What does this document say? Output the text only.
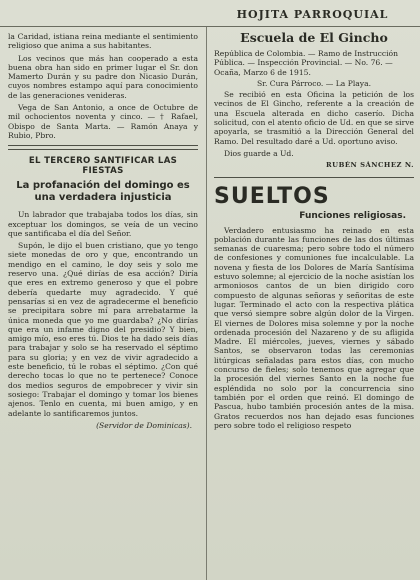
HOJITA PARROQUIAL

la Caridad, istiana reina mediante el sentimiento religioso que anima a sus habitantes.

Los vecinos que más han cooperado a esta buena obra han sido en primer lugar el Sr. don Mamerto Durán y su padre don Nicasio Durán, cuyos nombres estampo aquí para conocimiento de las generaciones venideras.

Vega de San Antonio, a once de Octubre de mil ochocientos noventa y cinco. — † Rafael, Obispo de Santa Marta. — Ramón Anaya y Rubio, Pbro.

EL TERCERO SANTIFICAR LAS FIESTAS
La profanación del domingo es una verdadera injusticia

Un labrador que trabajaba todos los días, sin exceptuar los domingos, se veía de un vecino que santificaba el día del Señor.

Supón, le dijo el buen cristiano, que yo tengo siete monedas de oro y que, encontrando un mendigo en el camino, le doy seis y solo me reservo una. ¿Qué dirías de esa acción? Diría que eres en extremo generoso y que el pobre debería quedarte muy agradecido. Y qué pensarías si en vez de agradecerme el beneficio se precipitara sobre mí para arrebatarme la única moneda que yo me guardaba? ¿No dirías que era un infame digno del presidio? Y bien, amigo mío, eso eres tú. Dios te ha dado seis días para trabajar y solo se ha reservado el séptimo para su gloria; y en vez de vivir agradecido a este beneficio, tú le robas el séptimo. ¿Con qué derecho tocas lo que no te pertenece? Conoce dos medios seguros de empobrecer y vivir sin sosiego: Trabajar el domingo y tomar los bienes ajenos. Tenlo en cuenta, mi buen amigo, y en adelante lo santificaremos juntos.

(Servidor de Dominicas).

Escuela de El Gincho

República de Colombia. — Ramo de Instrucción Pública. — Inspección Provincial. — No. 76. — Ocaña, Marzo 6 de 1915.

Sr. Cura Párroco. — La Playa.

Se recibió en esta Oficina la petición de los vecinos de El Gincho, referente a la creación de una Escuela alterada en dicho caserío. Dicha solicitud, con el atento oficio de Ud. en que se sirve apoyarla, se trasmitió a la Dirección General del Ramo. Del resultado daré a Ud. oportuno aviso.

Dios guarde a Ud.

RUBÉN SÁNCHEZ N.

SUELTOS
Funciones religiosas.

Verdadero entusiasmo ha reinado en esta población durante las funciones de las dos últimas semanas de cuaresma; pero sobre todo el número de confesiones y comuniones fue incalculable. La novena y fiesta de los Dolores de María Santísima estuvo solemne; al ejercicio de la noche asistían los armoniosos cantos de un bien dirigido coro compuesto de algunas señoras y señoritas de este lugar. Terminado el acto con la respectiva plática que versó siempre sobre algún dolor de la Virgen. El viernes de Dolores misa solemne y por la noche ordenada procesión del Nazareno y de su afligida Madre. El miércoles, jueves, viernes y sábado Santos, se observaron todas las ceremonias litúrgicas señaladas para estos días, con mucho concurso de fieles; solo tenemos que agregar que la procesión del viernes Santo en la noche fue espléndida no solo por la concurrencia sino también por el orden que reinó. El domingo de Pascua, hubo también procesión antes de la misa. Gratos recuerdos nos han dejado esas funciones pero sobre todo el religioso respeto
